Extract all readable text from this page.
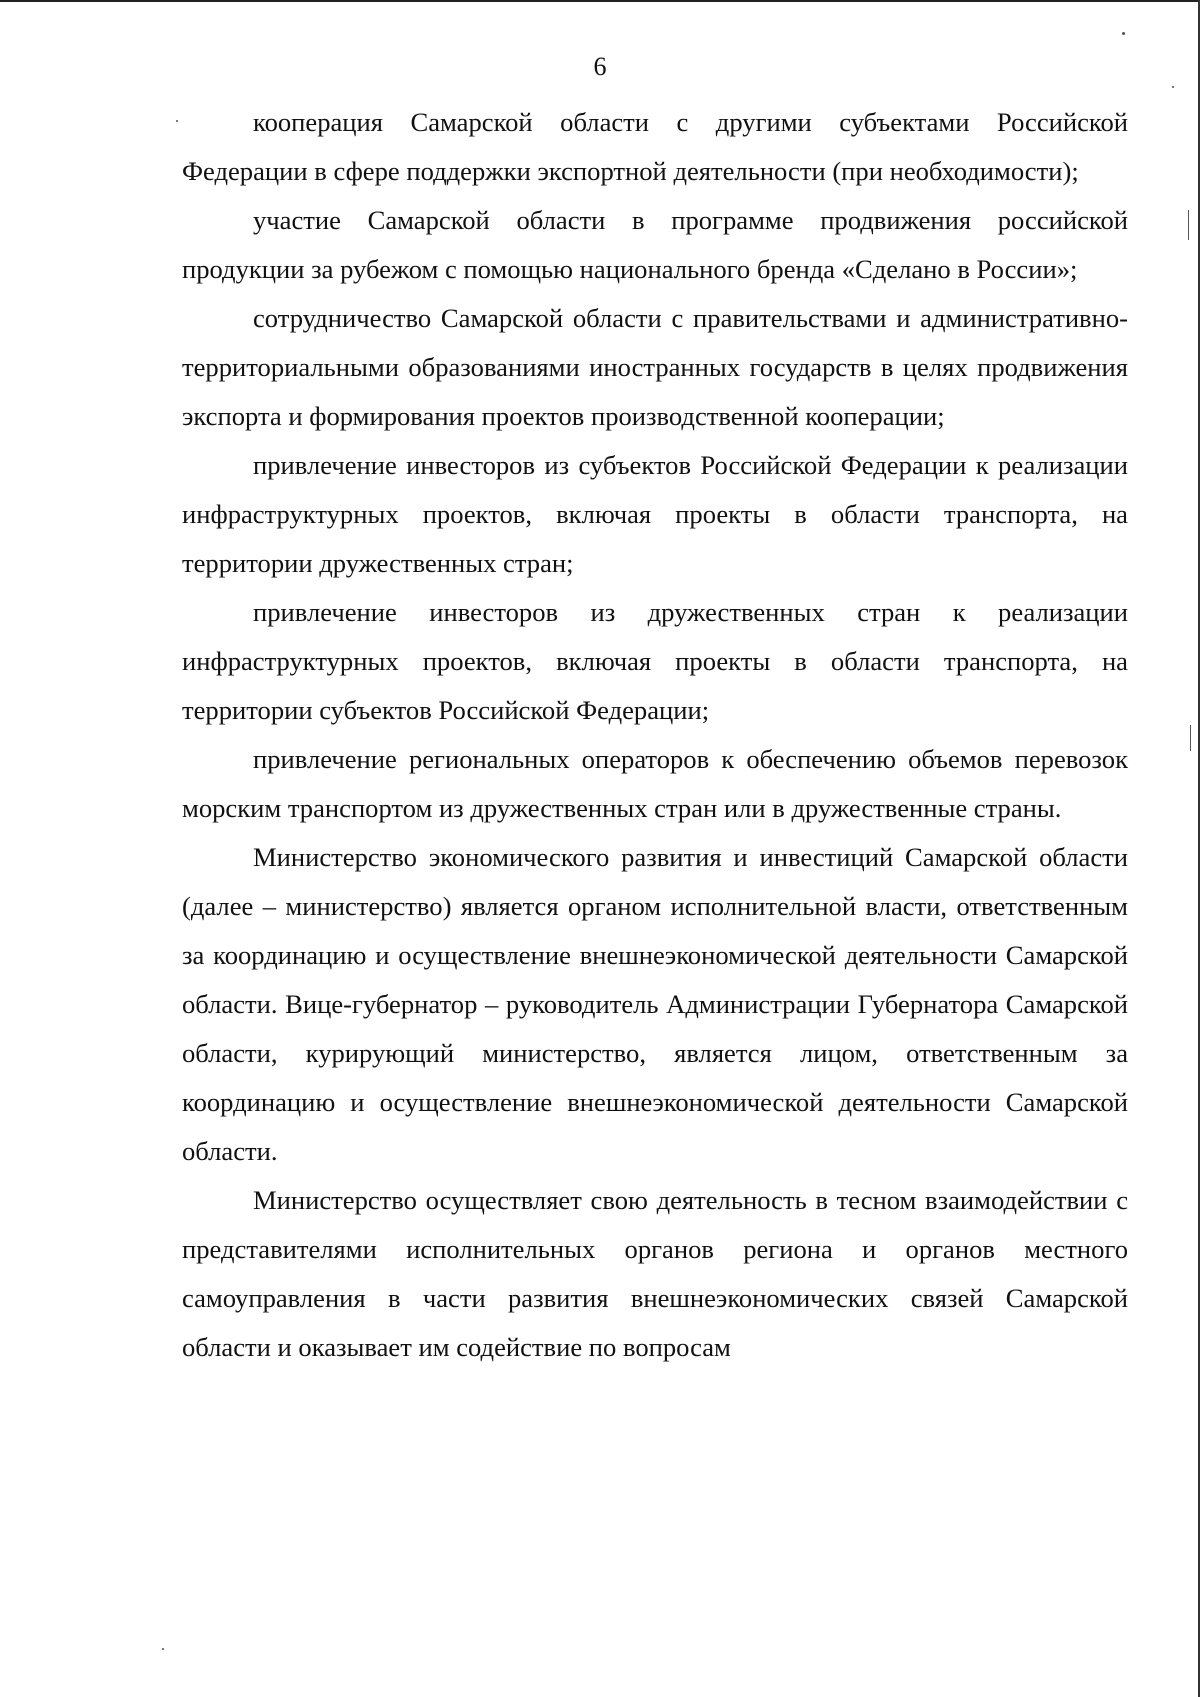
6

кооперация Самарской области с другими субъектами Российской Федерации в сфере поддержки экспортной деятельности (при необходимости);

участие Самарской области в программе продвижения российской продукции за рубежом с помощью национального бренда «Сделано в России»;

сотрудничество Самарской области с правительствами и административно-территориальными образованиями иностранных государств в целях продвижения экспорта и формирования проектов производственной кооперации;

привлечение инвесторов из субъектов Российской Федерации к реализации инфраструктурных проектов, включая проекты в области транспорта, на территории дружественных стран;

привлечение инвесторов из дружественных стран к реализации инфраструктурных проектов, включая проекты в области транспорта, на территории субъектов Российской Федерации;

привлечение региональных операторов к обеспечению объемов перевозок морским транспортом из дружественных стран или в дружественные страны.

Министерство экономического развития и инвестиций Самарской области (далее – министерство) является органом исполнительной власти, ответственным за координацию и осуществление внешнеэкономической деятельности Самарской области. Вице-губернатор – руководитель Администрации Губернатора Самарской области, курирующий министерство, является лицом, ответственным за координацию и осуществление внешнеэкономической деятельности Самарской области.

Министерство осуществляет свою деятельность в тесном взаимодействии с представителями исполнительных органов региона и органов местного самоуправления в части развития внешнеэкономических связей Самарской области и оказывает им содействие по вопросам
